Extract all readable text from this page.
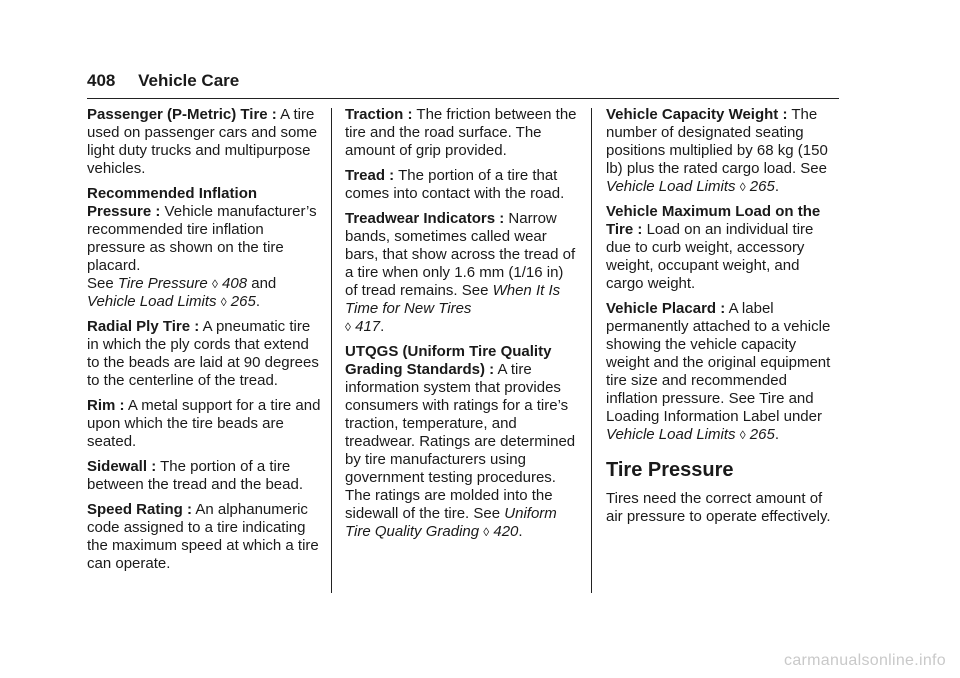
408 Vehicle Care

Passenger (P-Metric) Tire : A tire used on passenger cars and some light duty trucks and multipurpose vehicles.

Recommended Inflation Pressure : Vehicle manufacturer’s recommended tire inflation pressure as shown on the tire placard.
See Tire Pressure ◊ 408 and
Vehicle Load Limits ◊ 265.

Radial Ply Tire : A pneumatic tire in which the ply cords that extend to the beads are laid at 90 degrees to the centerline of the tread.

Rim : A metal support for a tire and upon which the tire beads are seated.

Sidewall : The portion of a tire between the tread and the bead.

Speed Rating : An alphanumeric code assigned to a tire indicating the maximum speed at which a tire can operate.

Traction : The friction between the tire and the road surface. The amount of grip provided.

Tread : The portion of a tire that comes into contact with the road.

Treadwear Indicators : Narrow bands, sometimes called wear bars, that show across the tread of a tire when only 1.6 mm (1/16 in) of tread remains. See When It Is Time for New Tires
◊ 417.

UTQGS (Uniform Tire Quality Grading Standards) : A tire information system that provides consumers with ratings for a tire’s traction, temperature, and treadwear. Ratings are determined by tire manufacturers using government testing procedures. The ratings are molded into the sidewall of the tire. See Uniform Tire Quality Grading ◊ 420.

Vehicle Capacity Weight : The number of designated seating positions multiplied by 68 kg (150 lb) plus the rated cargo load. See Vehicle Load Limits ◊ 265.

Vehicle Maximum Load on the Tire : Load on an individual tire due to curb weight, accessory weight, occupant weight, and cargo weight.

Vehicle Placard : A label permanently attached to a vehicle showing the vehicle capacity weight and the original equipment tire size and recommended inflation pressure. See Tire and Loading Information Label under Vehicle Load Limits ◊ 265.

Tire Pressure

Tires need the correct amount of air pressure to operate effectively.

carmanualsonline.info
